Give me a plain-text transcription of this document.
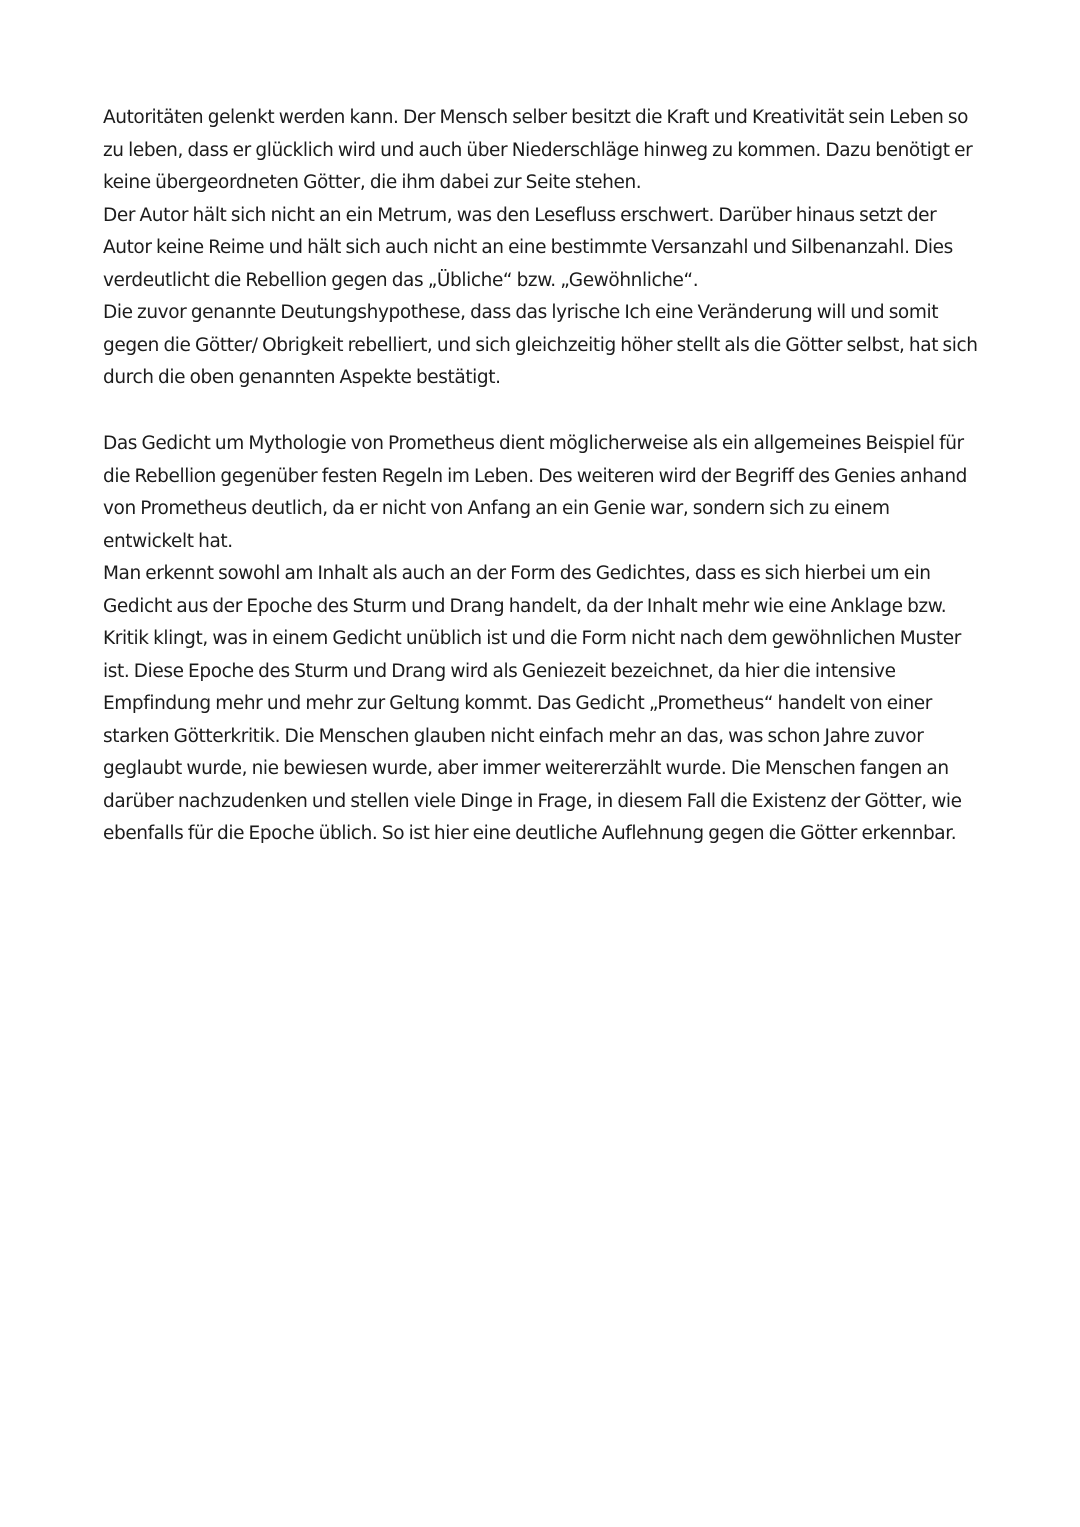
Autoritäten gelenkt werden kann. Der Mensch selber besitzt die Kraft und Kreativität sein Leben so zu leben, dass er glücklich wird und auch über Niederschläge hinweg zu kommen. Dazu benötigt er keine übergeordneten Götter, die ihm dabei zur Seite stehen.

Der Autor hält sich nicht an ein Metrum, was den Lesefluss erschwert. Darüber hinaus setzt der Autor keine Reime und hält sich auch nicht an eine bestimmte Versanzahl und Silbenanzahl. Dies verdeutlicht die Rebellion gegen das „Übliche“ bzw. „Gewöhnliche“.

Die zuvor genannte Deutungshypothese, dass das lyrische Ich eine Veränderung will und somit gegen die Götter/ Obrigkeit rebelliert, und sich gleichzeitig höher stellt als die Götter selbst, hat sich durch die oben genannten Aspekte bestätigt.

Das Gedicht um Mythologie von Prometheus dient möglicherweise als ein allgemeines Beispiel für die Rebellion gegenüber festen Regeln im Leben. Des weiteren wird der Begriff des Genies anhand von Prometheus deutlich, da er nicht von Anfang an ein Genie war, sondern sich zu einem entwickelt hat.

Man erkennt sowohl am Inhalt als auch an der Form des Gedichtes, dass es sich hierbei um ein Gedicht aus der Epoche des Sturm und Drang handelt, da der Inhalt mehr wie eine Anklage bzw. Kritik klingt, was in einem Gedicht unüblich ist und die Form nicht nach dem gewöhnlichen Muster ist. Diese Epoche des Sturm und Drang wird als Geniezeit bezeichnet, da hier die intensive Empfindung mehr und mehr zur Geltung kommt. Das Gedicht „Prometheus“ handelt von einer starken Götterkritik. Die Menschen glauben nicht einfach mehr an das, was schon Jahre zuvor geglaubt wurde, nie bewiesen wurde, aber immer weitererzählt wurde. Die Menschen fangen an darüber nachzudenken und stellen viele Dinge in Frage, in diesem Fall die Existenz der Götter, wie ebenfalls für die Epoche üblich. So ist hier eine deutliche Auflehnung gegen die Götter erkennbar.
